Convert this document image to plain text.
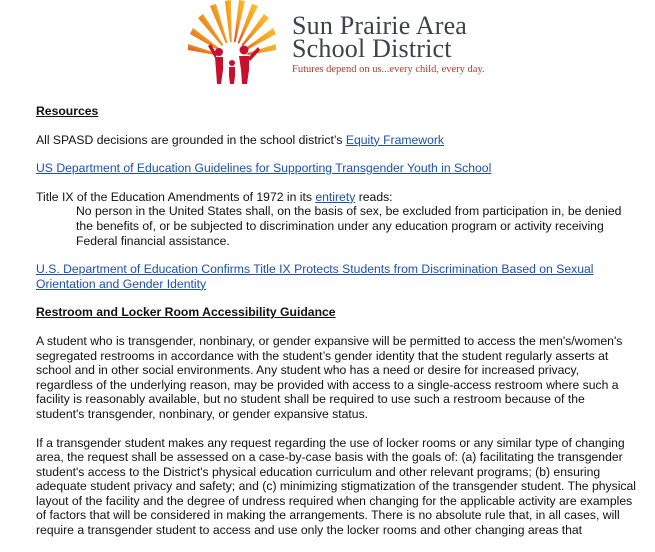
Sun Prairie Area
School District
Futures depend on us...every child, every day.
Resources

All SPASD decisions are grounded in the school district’s Equity Framework

US Department of Education Guidelines for Supporting Transgender Youth in School

Title IX of the Education Amendments of 1972 in its entirety reads:

No person in the United States shall, on the basis of sex, be excluded from participation in, be denied the benefits of, or be subjected to discrimination under any education program or activity receiving Federal financial assistance.

U.S. Department of Education Confirms Title IX Protects Students from Discrimination Based on Sexual Orientation and Gender Identity

Restroom and Locker Room Accessibility Guidance

A student who is transgender, nonbinary, or gender expansive will be permitted to access the men's/women's segregated restrooms in accordance with the student’s gender identity that the student regularly asserts at school and in other social environments. Any student who has a need or desire for increased privacy, regardless of the underlying reason, may be provided with access to a single-access restroom where such a facility is reasonably available, but no student shall be required to use such a restroom because of the student's transgender, nonbinary, or gender expansive status.

If a transgender student makes any request regarding the use of locker rooms or any similar type of changing area, the request shall be assessed on a case-by-case basis with the goals of: (a) facilitating the transgender student's access to the District's physical education curriculum and other relevant programs; (b) ensuring adequate student privacy and safety; and (c) minimizing stigmatization of the transgender student. The physical layout of the facility and the degree of undress required when changing for the applicable activity are examples of factors that will be considered in making the arrangements. There is no absolute rule that, in all cases, will require a transgender student to access and use only the locker rooms and other changing areas that
